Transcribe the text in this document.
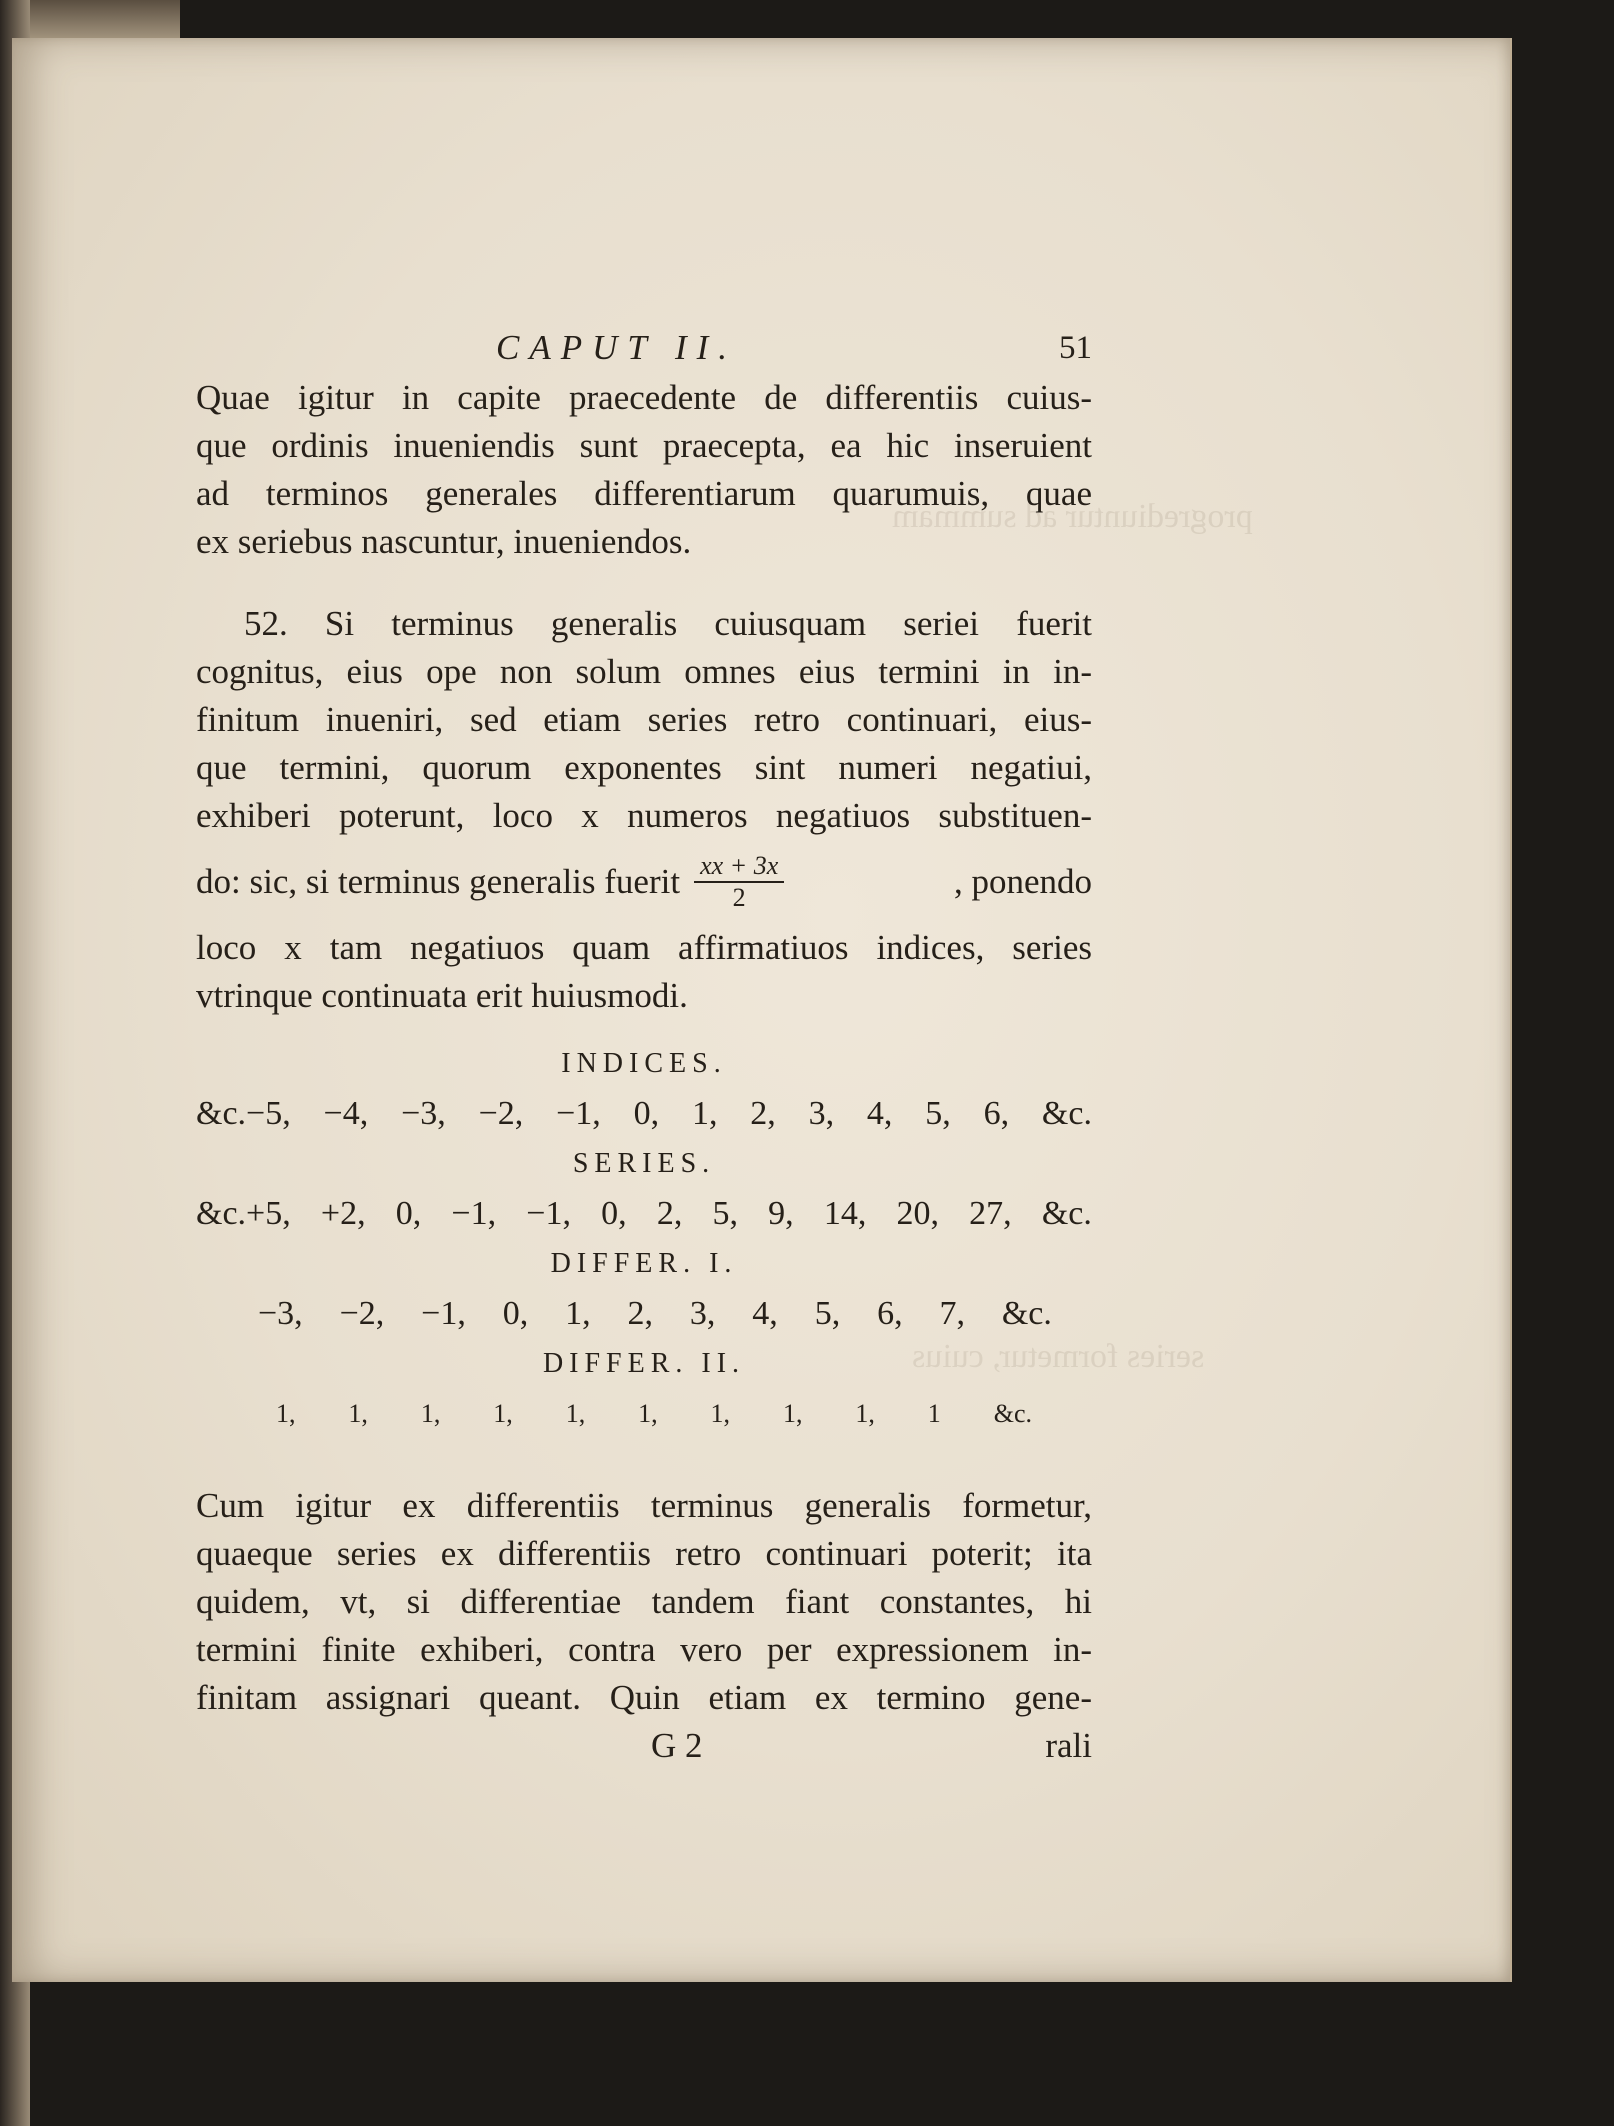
progrediuntur ad summam
series formetur, cuius
CAPUT II.	51
Quae igitur in capite praecedente de differentiis cuius-
que ordinis inueniendis sunt praecepta, ea hic inseruient
ad terminos generales differentiarum quarumuis, quae
ex seriebus nascuntur, inueniendos.
52. Si terminus generalis cuiusquam seriei fuerit
cognitus, eius ope non solum omnes eius termini in in-
finitum inueniri, sed etiam series retro continuari, eius-
que termini, quorum exponentes sint numeri negatiui,
exhiberi poterunt, loco x numeros negatiuos substituen-
do: sic, si terminus generalis fuerit $\frac{xx + 3x}{2}$	, ponendo
loco x tam negatiuos quam affirmatiuos indices, series
vtrinque continuata erit huiusmodi.
INDICES.
&c.−5, −4, −3, −2, −1, 0, 1, 2, 3, 4, 5, 6, &c.
SERIES.
&c.+5, +2, 0, −1, −1, 0, 2, 5, 9, 14, 20, 27, &c.
DIFFER. I.
−3, −2, −1, 0, 1, 2, 3, 4, 5, 6, 7, &c.
DIFFER. II.
1, 1, 1, 1, 1, 1, 1, 1, 1, 1 &c.
Cum igitur ex differentiis terminus generalis formetur,
quaeque series ex differentiis retro continuari poterit; ita
quidem, vt, si differentiae tandem fiant constantes, hi
termini finite exhiberi, contra vero per expressionem in-
finitam assignari queant. Quin etiam ex termino gene-
G 2	rali
